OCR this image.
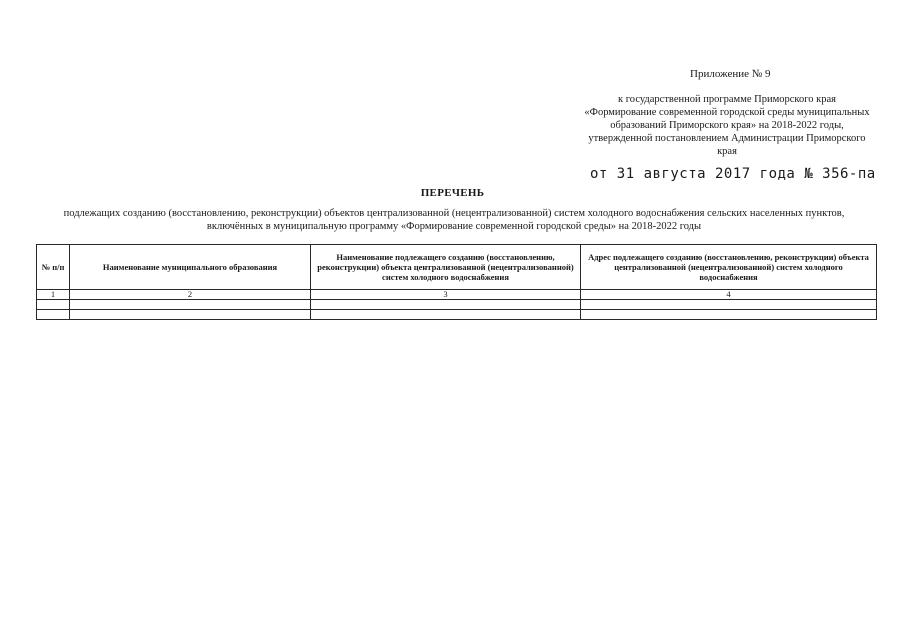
Приложение № 9
к государственной программе Приморского края
«Формирование современной городской среды муниципальных
образований Приморского края» на 2018-2022 годы,
утвержденной постановлением Администрации Приморского
края
от 31 августа 2017 года № 356-па
ПЕРЕЧЕНЬ
подлежащих созданию (восстановлению, реконструкции) объектов централизованной (нецентрализованной) систем холодного водоснабжения сельских населенных пунктов,
включённых в муниципальную программу «Формирование современной городской среды» на 2018-2022 годы
№ п/п	Наименование муниципального образования	Наименование подлежащего созданию (восстановлению, реконструкции) объекта централизованной (нецентрализованной) систем холодного водоснабжения	Адрес подлежащего созданию (восстановлению, реконструкции) объекта централизованной (нецентрализованной) систем холодного водоснабжения
1	2	3	4
